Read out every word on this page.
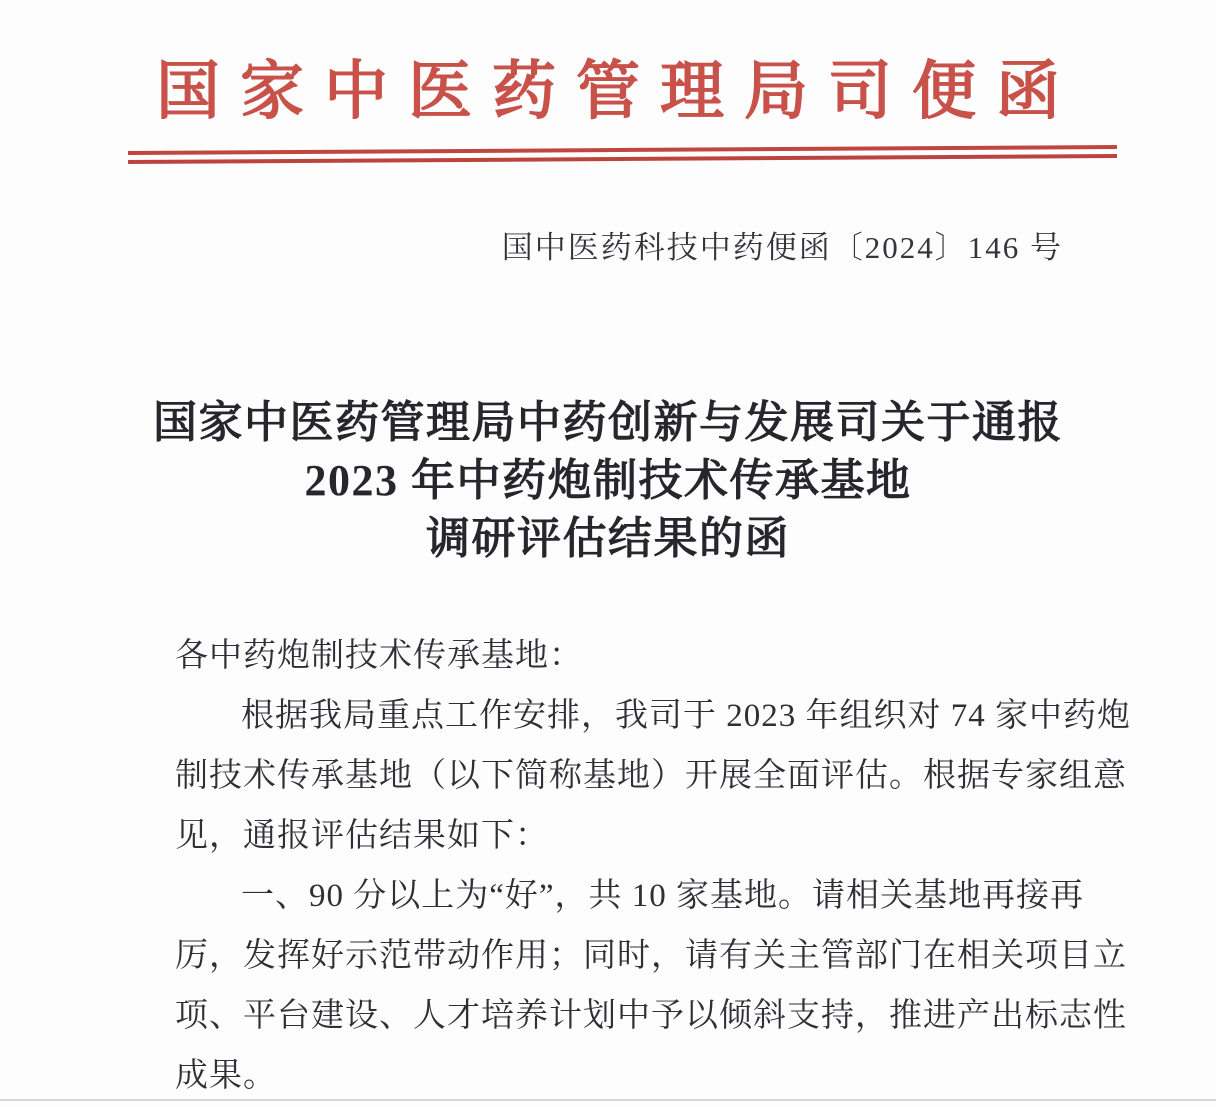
国家中医药管理局司便函
国中医药科技中药便函〔2024〕146 号
国家中医药管理局中药创新与发展司关于通报
2023 年中药炮制技术传承基地
调研评估结果的函
各中药炮制技术传承基地：
根据我局重点工作安排，我司于 2023 年组织对 74 家中药炮
制技术传承基地（以下简称基地）开展全面评估。根据专家组意
见，通报评估结果如下：
一、90 分以上为“好”，共 10 家基地。请相关基地再接再
厉，发挥好示范带动作用；同时，请有关主管部门在相关项目立
项、平台建设、人才培养计划中予以倾斜支持，推进产出标志性
成果。
